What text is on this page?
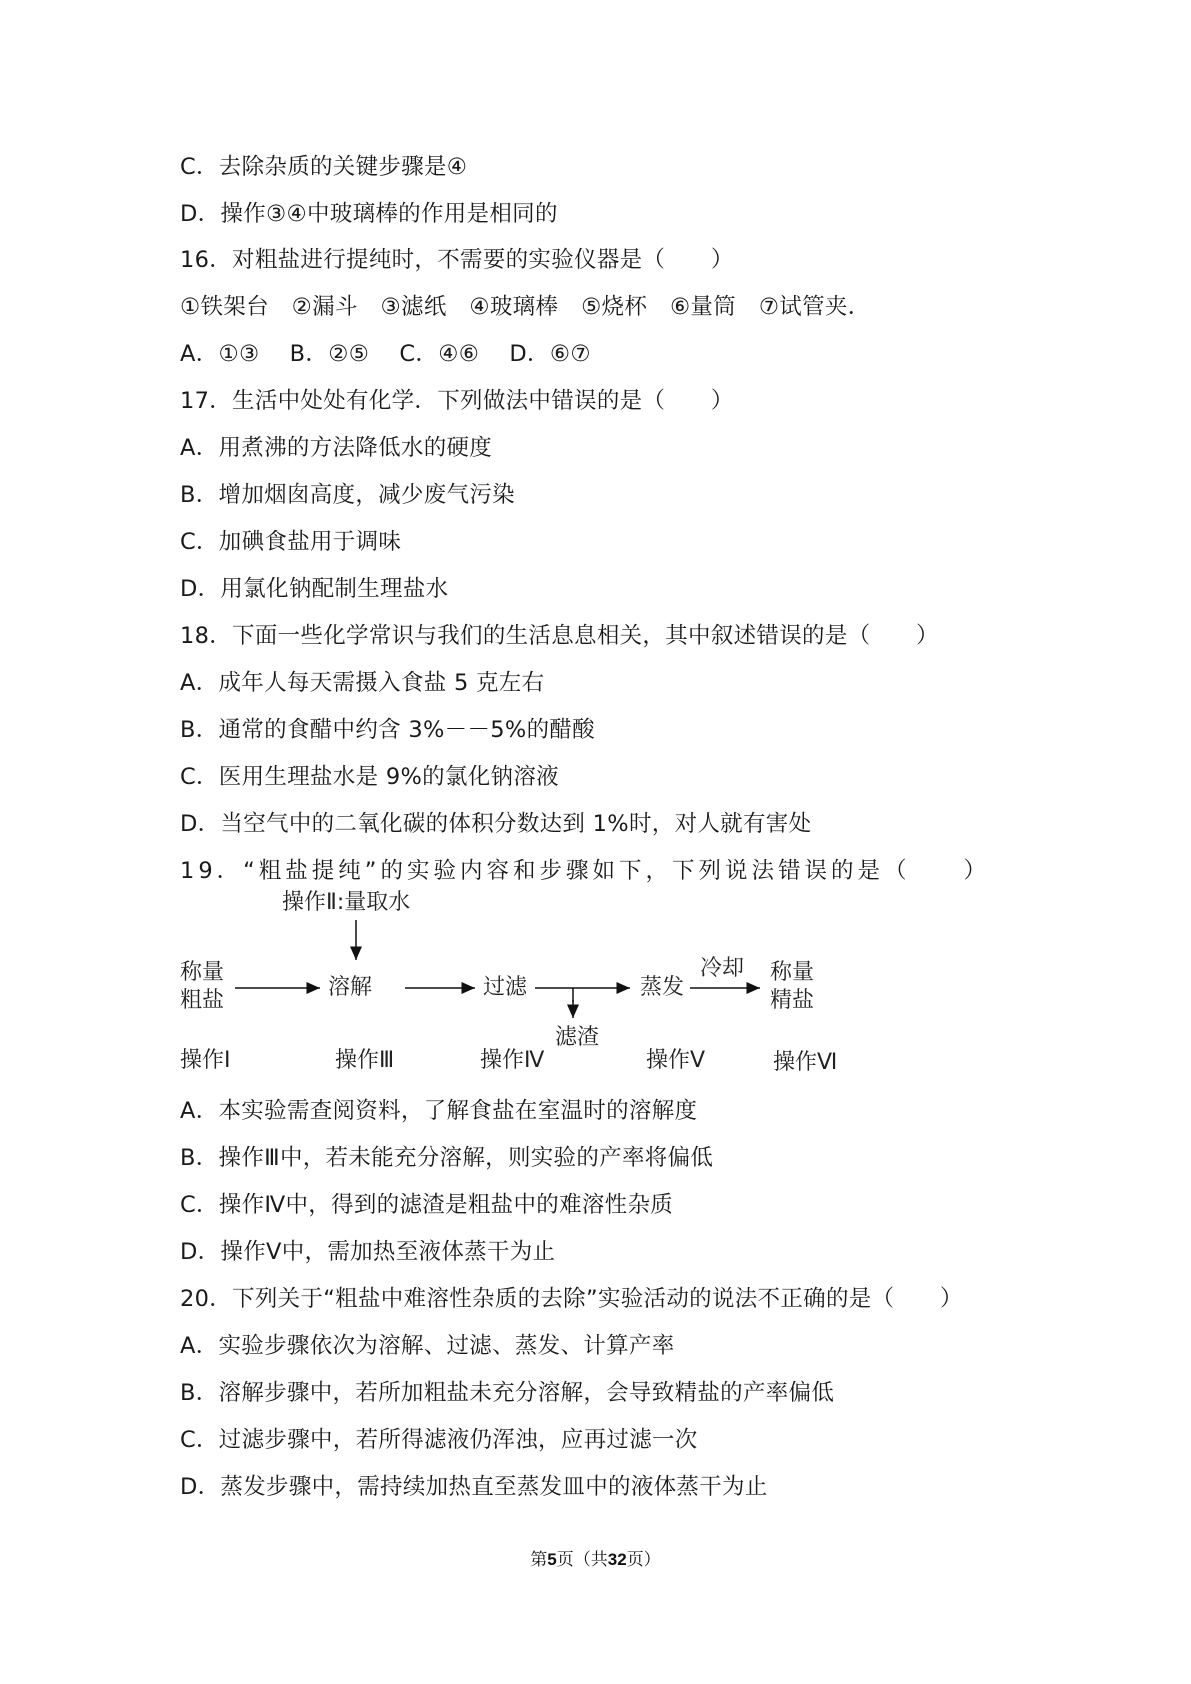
C．去除杂质的关键步骤是④
D．操作③④中玻璃棒的作用是相同的
16．对粗盐进行提纯时，不需要的实验仪器是（　　）
①铁架台　②漏斗　③滤纸　④玻璃棒　⑤烧杯　⑥量筒　⑦试管夹．
A．①③　 B．②⑤　 C．④⑥　 D．⑥⑦
17．生活中处处有化学．下列做法中错误的是（　　）
A．用煮沸的方法降低水的硬度
B．增加烟囱高度，减少废气污染
C．加碘食盐用于调味
D．用氯化钠配制生理盐水
18．下面一些化学常识与我们的生活息息相关，其中叙述错误的是（　　）
A．成年人每天需摄入食盐 5 克左右
B．通常的食醋中约含 3%－－5%的醋酸
C．医用生理盐水是 9%的氯化钠溶液
D．当空气中的二氧化碳的体积分数达到 1%时，对人就有害处
19．“粗盐提纯”的实验内容和步骤如下，下列说法错误的是（　　）
操作Ⅱ:量取水
称量
粗盐
溶解	过滤
滤渣
蒸发
冷却 称量
精盐
操作Ⅰ	操作Ⅲ	操作Ⅳ	操作Ⅴ	操作Ⅵ
A．本实验需查阅资料，了解食盐在室温时的溶解度
B．操作Ⅲ中，若未能充分溶解，则实验的产率将偏低
C．操作Ⅳ中，得到的滤渣是粗盐中的难溶性杂质
D．操作Ⅴ中，需加热至液体蒸干为止
20．下列关于“粗盐中难溶性杂质的去除”实验活动的说法不正确的是（　　）
A．实验步骤依次为溶解、过滤、蒸发、计算产率
B．溶解步骤中，若所加粗盐未充分溶解，会导致精盐的产率偏低
C．过滤步骤中，若所得滤液仍浑浊，应再过滤一次
D．蒸发步骤中，需持续加热直至蒸发皿中的液体蒸干为止
第5页（共32页）
